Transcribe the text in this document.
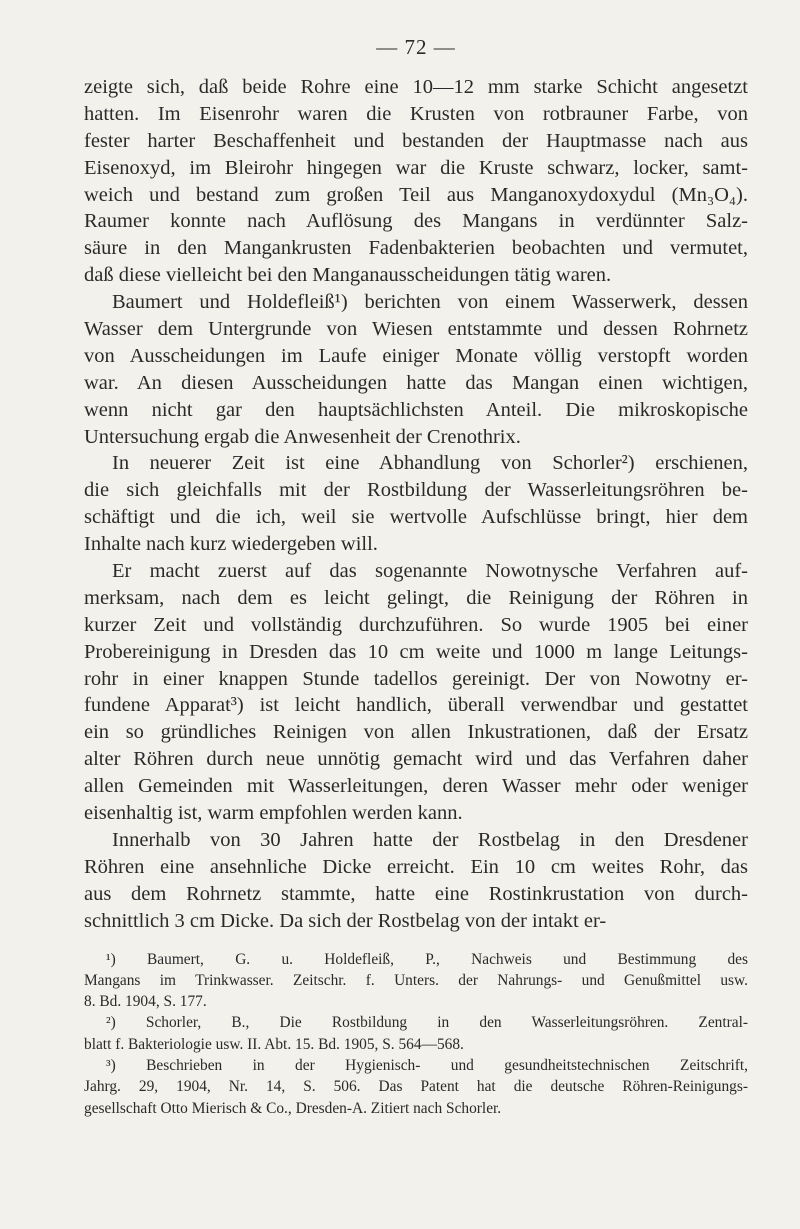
— 72 —
zeigte sich, daß beide Rohre eine 10—12 mm starke Schicht angesetzt
hatten. Im Eisenrohr waren die Krusten von rotbrauner Farbe, von
fester harter Beschaffenheit und bestanden der Hauptmasse nach aus
Eisenoxyd, im Bleirohr hingegen war die Kruste schwarz, locker, samt-
weich und bestand zum großen Teil aus Manganoxydoxydul (Mn₃O₄).
Raumer konnte nach Auflösung des Mangans in verdünnter Salz-
säure in den Mangankrusten Fadenbakterien beobachten und vermutet,
daß diese vielleicht bei den Manganausscheidungen tätig waren.
Baumert und Holdefleiß¹) berichten von einem Wasserwerk, dessen
Wasser dem Untergrunde von Wiesen entstammte und dessen Rohrnetz
von Ausscheidungen im Laufe einiger Monate völlig verstopft worden
war. An diesen Ausscheidungen hatte das Mangan einen wichtigen,
wenn nicht gar den hauptsächlichsten Anteil. Die mikroskopische
Untersuchung ergab die Anwesenheit der Crenothrix.
In neuerer Zeit ist eine Abhandlung von Schorler²) erschienen,
die sich gleichfalls mit der Rostbildung der Wasserleitungsröhren be-
schäftigt und die ich, weil sie wertvolle Aufschlüsse bringt, hier dem
Inhalte nach kurz wiedergeben will.
Er macht zuerst auf das sogenannte Nowotnysche Verfahren auf-
merksam, nach dem es leicht gelingt, die Reinigung der Röhren in
kurzer Zeit und vollständig durchzuführen. So wurde 1905 bei einer
Probereinigung in Dresden das 10 cm weite und 1000 m lange Leitungs-
rohr in einer knappen Stunde tadellos gereinigt. Der von Nowotny er-
fundene Apparat³) ist leicht handlich, überall verwendbar und gestattet
ein so gründliches Reinigen von allen Inkustrationen, daß der Ersatz
alter Röhren durch neue unnötig gemacht wird und das Verfahren daher
allen Gemeinden mit Wasserleitungen, deren Wasser mehr oder weniger
eisenhaltig ist, warm empfohlen werden kann.
Innerhalb von 30 Jahren hatte der Rostbelag in den Dresdener
Röhren eine ansehnliche Dicke erreicht. Ein 10 cm weites Rohr, das
aus dem Rohrnetz stammte, hatte eine Rostinkrustation von durch-
schnittlich 3 cm Dicke. Da sich der Rostbelag von der intakt er-
¹) Baumert, G. u. Holdefleiß, P., Nachweis und Bestimmung des
Mangans im Trinkwasser. Zeitschr. f. Unters. der Nahrungs- und Genußmittel usw.
8. Bd. 1904, S. 177.
²) Schorler, B., Die Rostbildung in den Wasserleitungsröhren. Zentral-
blatt f. Bakteriologie usw. II. Abt. 15. Bd. 1905, S. 564—568.
³) Beschrieben in der Hygienisch- und gesundheitstechnischen Zeitschrift,
Jahrg. 29, 1904, Nr. 14, S. 506. Das Patent hat die deutsche Röhren-Reinigungs-
gesellschaft Otto Mierisch & Co., Dresden-A. Zitiert nach Schorler.
